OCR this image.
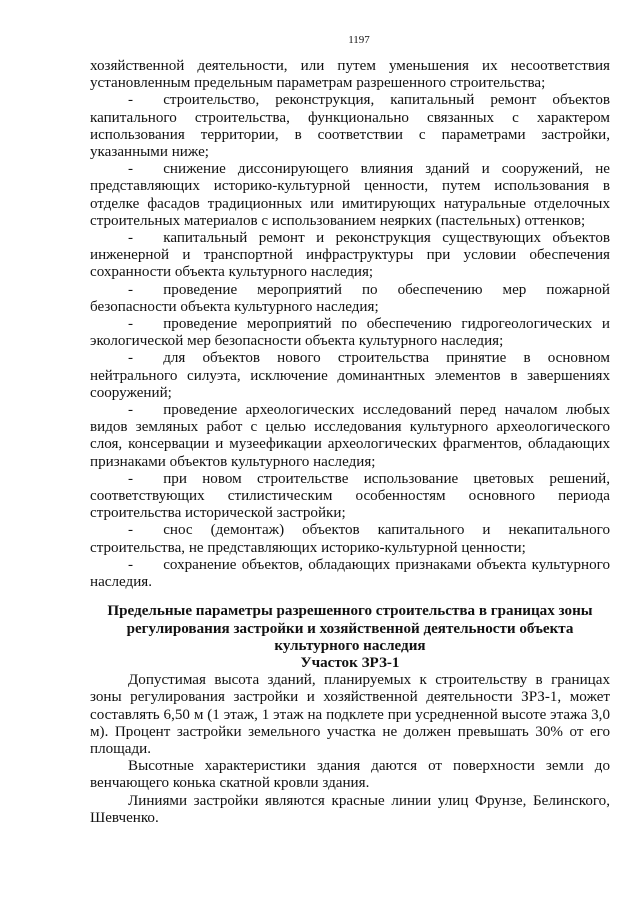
1197

хозяйственной деятельности, или путем уменьшения их несоответствия установленным предельным параметрам разрешенного строительства;

-  строительство, реконструкция, капитальный ремонт объектов капитального строительства, функционально связанных с характером использования территории, в соответствии с параметрами застройки, указанными ниже;

-  снижение диссонирующего влияния зданий и сооружений, не представляющих историко-культурной ценности, путем использования в отделке фасадов традиционных или имитирующих натуральные отделочных строительных материалов с использованием неярких (пастельных) оттенков;

-  капитальный ремонт и реконструкция существующих объектов инженерной и транспортной инфраструктуры при условии обеспечения сохранности объекта культурного наследия;

-  проведение мероприятий по обеспечению мер пожарной безопасности объекта культурного наследия;

-  проведение мероприятий по обеспечению гидрогеологических и экологической мер безопасности объекта культурного наследия;

-  для объектов нового строительства принятие в основном нейтрального силуэта, исключение доминантных элементов в завершениях сооружений;

-  проведение археологических исследований перед началом любых видов земляных работ с целью исследования культурного археологического слоя, консервации и музеефикации археологических фрагментов, обладающих признаками объектов культурного наследия;

-  при новом строительстве использование цветовых решений, соответствующих стилистическим особенностям основного периода строительства исторической застройки;

-  снос (демонтаж) объектов капитального и некапитального строительства, не представляющих историко-культурной ценности;

-  сохранение объектов, обладающих признаками объекта культурного наследия.

Предельные параметры разрешенного строительства в границах зоны регулирования застройки и хозяйственной деятельности объекта культурного наследия

Участок ЗРЗ-1

Допустимая высота зданий, планируемых к строительству в границах зоны регулирования застройки и хозяйственной деятельности ЗРЗ-1, может составлять 6,50 м (1 этаж, 1 этаж на подклете при усредненной высоте этажа 3,0 м). Процент застройки земельного участка не должен превышать 30% от его площади.

Высотные характеристики здания даются от поверхности земли до венчающего конька скатной кровли здания.

Линиями застройки являются красные линии улиц Фрунзе, Белинского, Шевченко.
